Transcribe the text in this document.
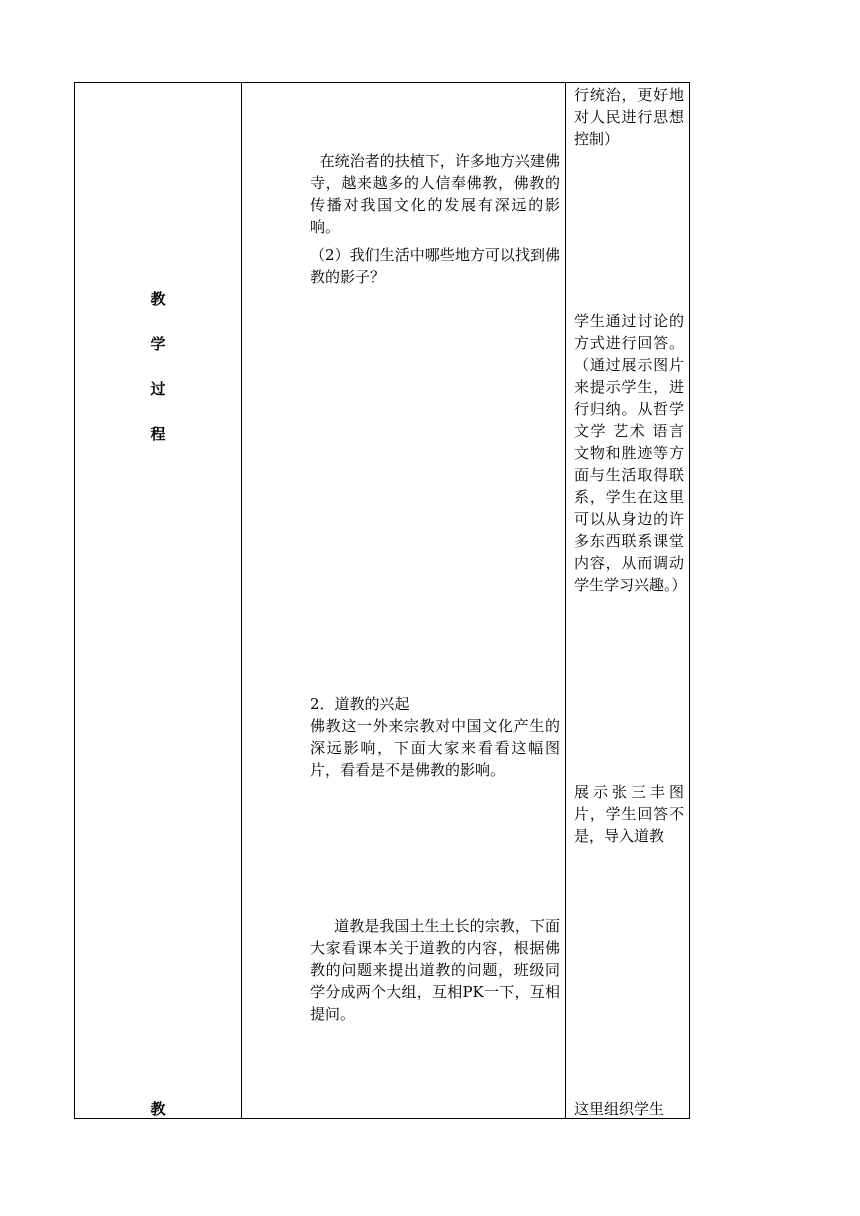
教
学
过
程
教
在统治者的扶植下，许多地方兴建佛寺，越来越多的人信奉佛教，佛教的传播对我国文化的发展有深远的影响。
（2）我们生活中哪些地方可以找到佛教的影子？
2．道教的兴起
佛教这一外来宗教对中国文化产生的深远影响，下面大家来看看这幅图片，看看是不是佛教的影响。
道教是我国土生土长的宗教，下面大家看课本关于道教的内容，根据佛教的问题来提出道教的问题，班级同学分成两个大组，互相PK一下，互相提问。
行统治，更好地对人民进行思想控制）
学生通过讨论的方式进行回答。（通过展示图片来提示学生，进行归纳。从哲学 文学 艺术 语言 文物和胜迹等方面与生活取得联系，学生在这里可以从身边的许多东西联系课堂内容，从而调动学生学习兴趣。）
展示张三丰图片，学生回答不是，导入道教
这里组织学生
